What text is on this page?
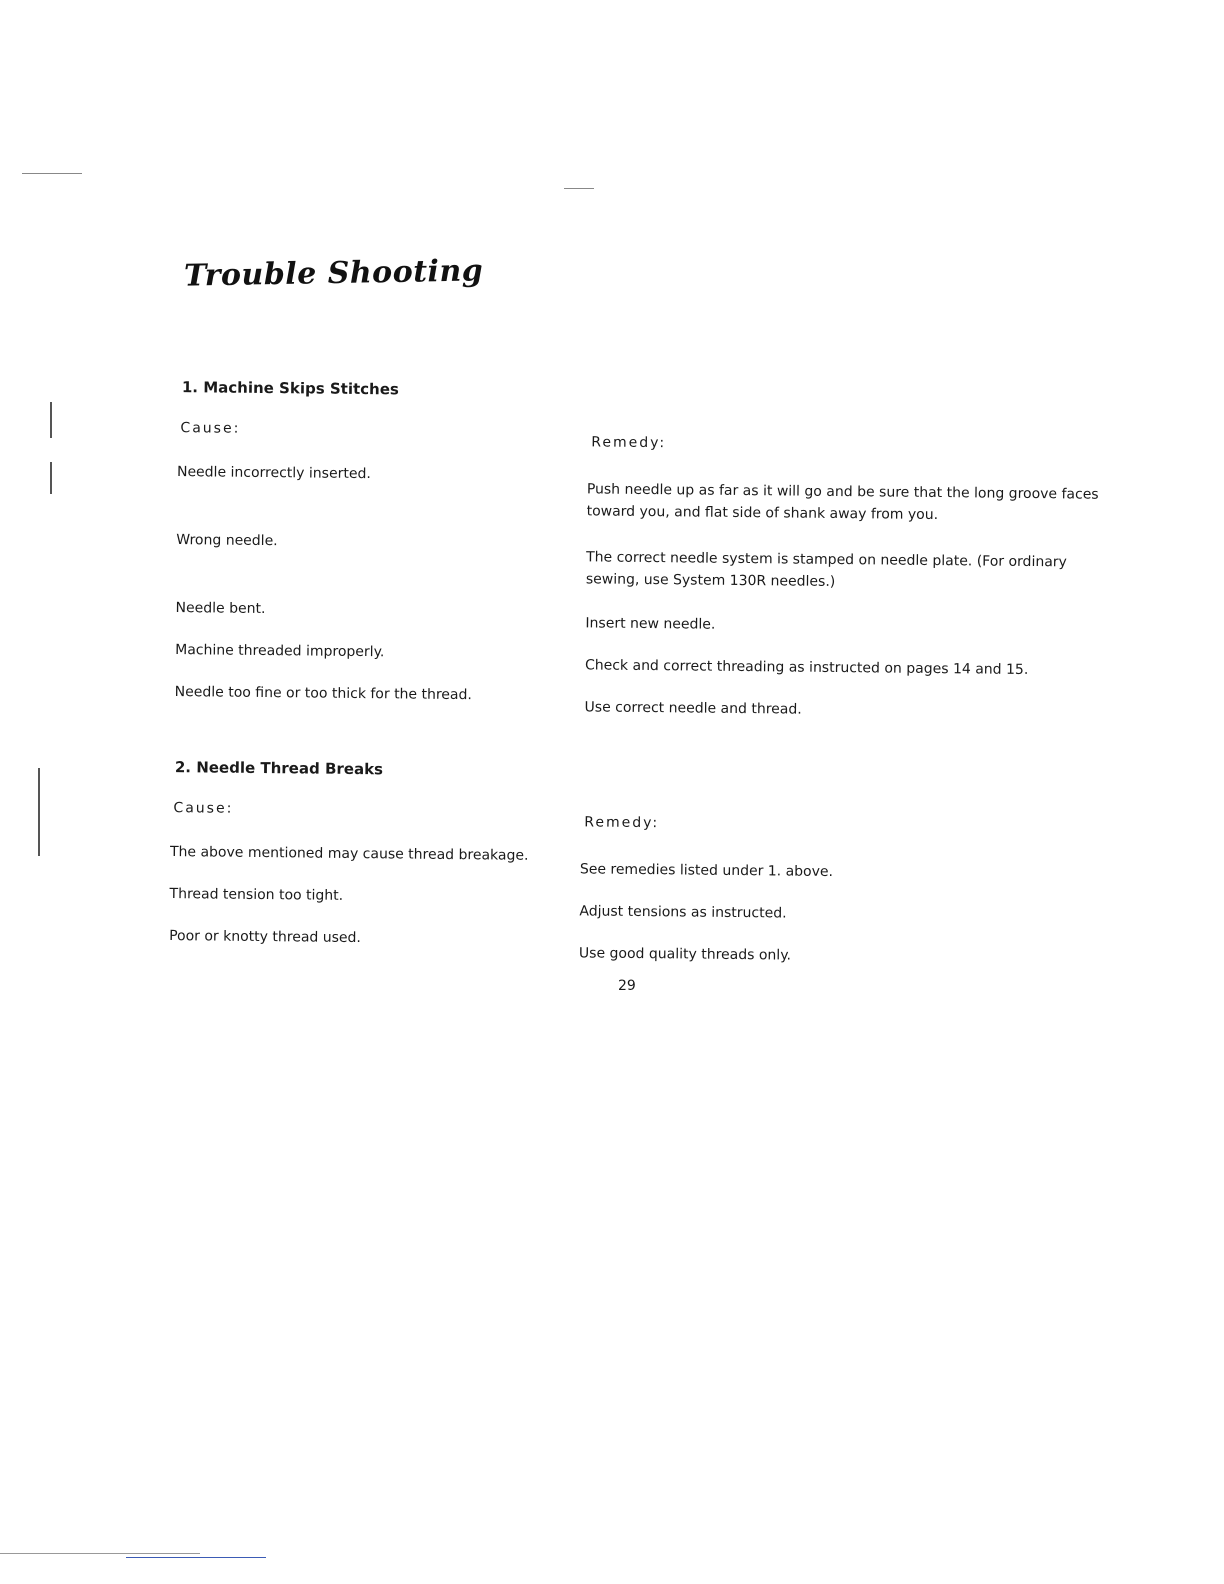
Trouble Shooting
1. Machine Skips Stitches
Cause:
Remedy:
Needle incorrectly inserted.
Push needle up as far as it will go and be sure that the long groove faces toward you, and flat side of shank away from you.
Wrong needle.
The correct needle system is stamped on needle plate. (For ordinary sewing, use System 130R needles.)
Needle bent.
Insert new needle.
Machine threaded improperly.
Check and correct threading as instructed on pages 14 and 15.
Needle too fine or too thick for the thread.
Use correct needle and thread.
2. Needle Thread Breaks
Cause:
Remedy:
The above mentioned may cause thread breakage.
See remedies listed under 1. above.
Thread tension too tight.
Adjust tensions as instructed.
Poor or knotty thread used.
Use good quality threads only.
29
